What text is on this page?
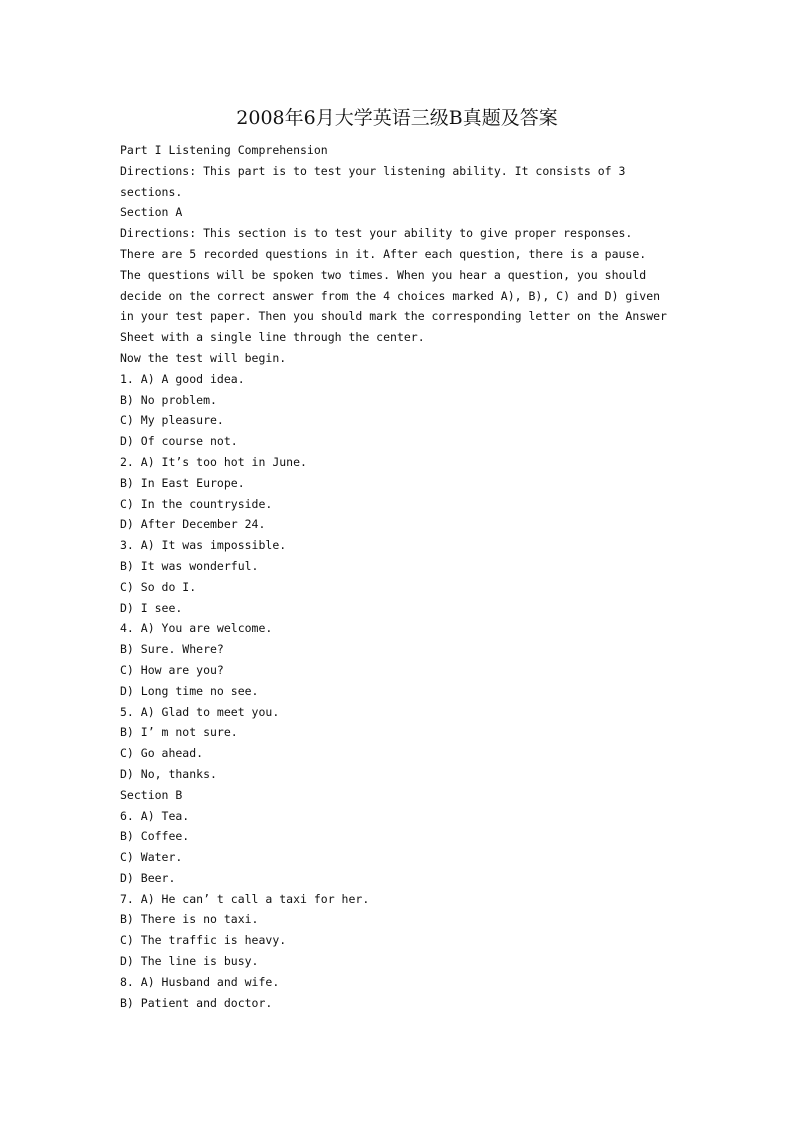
2008年6月大学英语三级B真题及答案

Part I Listening Comprehension

Directions: This part is to test your listening ability. It consists of 3

sections.

Section A

Directions: This section is to test your ability to give proper responses.

There are 5 recorded questions in it. After each question, there is a pause.

The questions will be spoken two times. When you hear a question, you should

decide on the correct answer from the 4 choices marked A), B), C) and D) given

in your test paper. Then you should mark the corresponding letter on the Answer

Sheet with a single line through the center.

Now the test will begin.

1. A) A good idea.

B) No problem.

C) My pleasure.

D) Of course not.

2. A) It’s too hot in June.

B) In East Europe.

C) In the countryside.

D) After December 24.

3. A) It was impossible.

B) It was wonderful.

C) So do I.

D) I see.

4. A) You are welcome.

B) Sure. Where?

C) How are you?

D) Long time no see.

5. A) Glad to meet you.

B) I’ m not sure.

C) Go ahead.

D) No, thanks.

Section B

6. A) Tea.

B) Coffee.

C) Water.

D) Beer.

7. A) He can’ t call a taxi for her.

B) There is no taxi.

C) The traffic is heavy.

D) The line is busy.

8. A) Husband and wife.

B) Patient and doctor.
